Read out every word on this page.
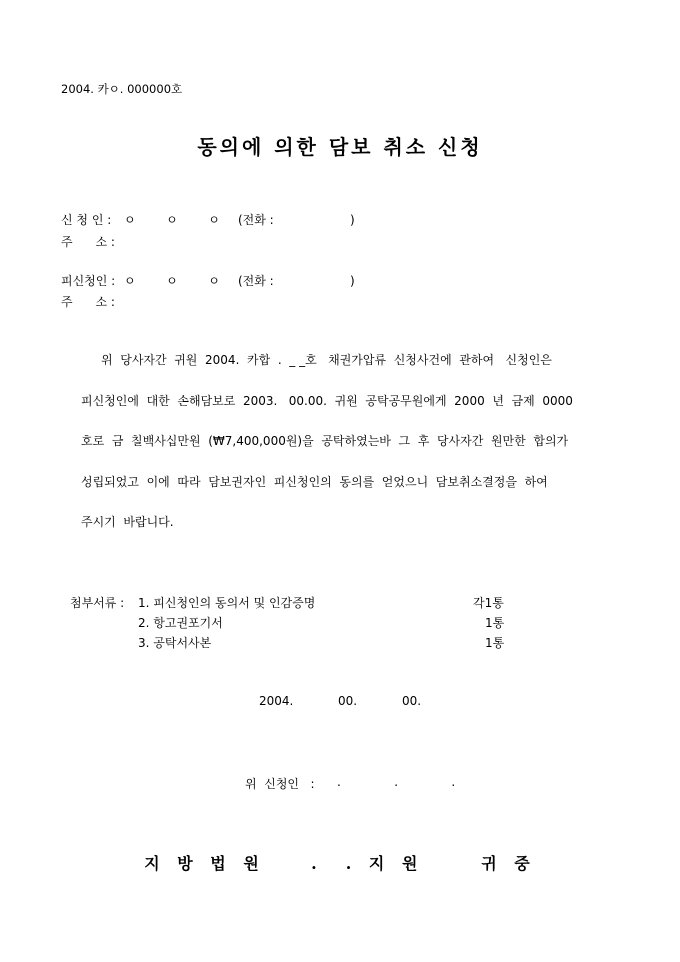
2004. 카ㅇ. 000000호
동의에 의한 담보 취소 신청
신 청 인 : ㅇ        ㅇ        ㅇ (전화 :                    )
주      소 :
피신청인 : ㅇ        ㅇ        ㅇ (전화 :                    )
주      소 :
위  당사자간  귀원  2004.  카합  .  _ _호   채권가압류  신청사건에  관하여   신청인은
피신청인에  대한  손해담보로  2003.   00.00.  귀원  공탁공무원에게  2000  년  금제  0000
호로  금  칠백사십만원  (₩7,400,000원)을  공탁하였는바  그  후  당사자간  원만한  합의가
성립되었고  이에  따라  담보권자인  피신청인의  동의를  얻었으니  담보취소결정을  하여
주시기  바랍니다.
첨부서류 : 1. 피신청인의 동의서 및 인감증명	각1통
2. 항고권포기서	1통
3. 공탁서사본	1통
2004.	00.	00.
위  신청인   : .              .              .
지 방 법 원    .  . 지 원     귀 중
